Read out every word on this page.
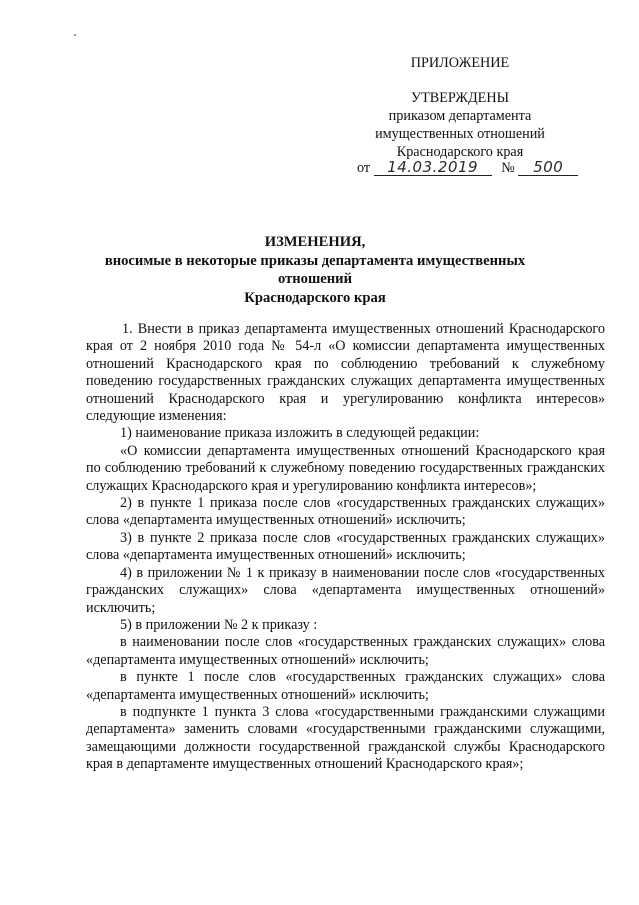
ПРИЛОЖЕНИЕ
УТВЕРЖДЕНЫ
приказом департамента
имущественных отношений
Краснодарского края
от 14.03.2019 № 500
ИЗМЕНЕНИЯ,
вносимые в некоторые приказы департамента имущественных отношений
Краснодарского края

1. Внести в приказ департамента имущественных отношений Краснодарского края от 2 ноября 2010 года № 54-л «О комиссии департамента имущественных отношений Краснодарского края по соблюдению требований к служебному поведению государственных гражданских служащих департамента имущественных отношений Краснодарского края и урегулированию конфликта интересов» следующие изменения:

1) наименование приказа изложить в следующей редакции:

«О комиссии департамента имущественных отношений Краснодарского края по соблюдению требований к служебному поведению государственных гражданских служащих Краснодарского края и урегулированию конфликта интересов»;

2) в пункте 1 приказа после слов «государственных гражданских служащих» слова «департамента имущественных отношений» исключить;

3) в пункте 2 приказа после слов «государственных гражданских служащих» слова «департамента имущественных отношений» исключить;

4) в приложении № 1 к приказу в наименовании после слов «государственных гражданских служащих» слова «департамента имущественных отношений» исключить;

5) в приложении № 2 к приказу :

в наименовании после слов «государственных гражданских служащих» слова «департамента имущественных отношений» исключить;

в пункте 1 после слов «государственных гражданских служащих» слова «департамента имущественных отношений» исключить;

в подпункте 1 пункта 3 слова «государственными гражданскими служащими департамента» заменить словами «государственными гражданскими служащими, замещающими должности государственной гражданской службы Краснодарского края в департаменте имущественных отношений Краснодарского края»;
